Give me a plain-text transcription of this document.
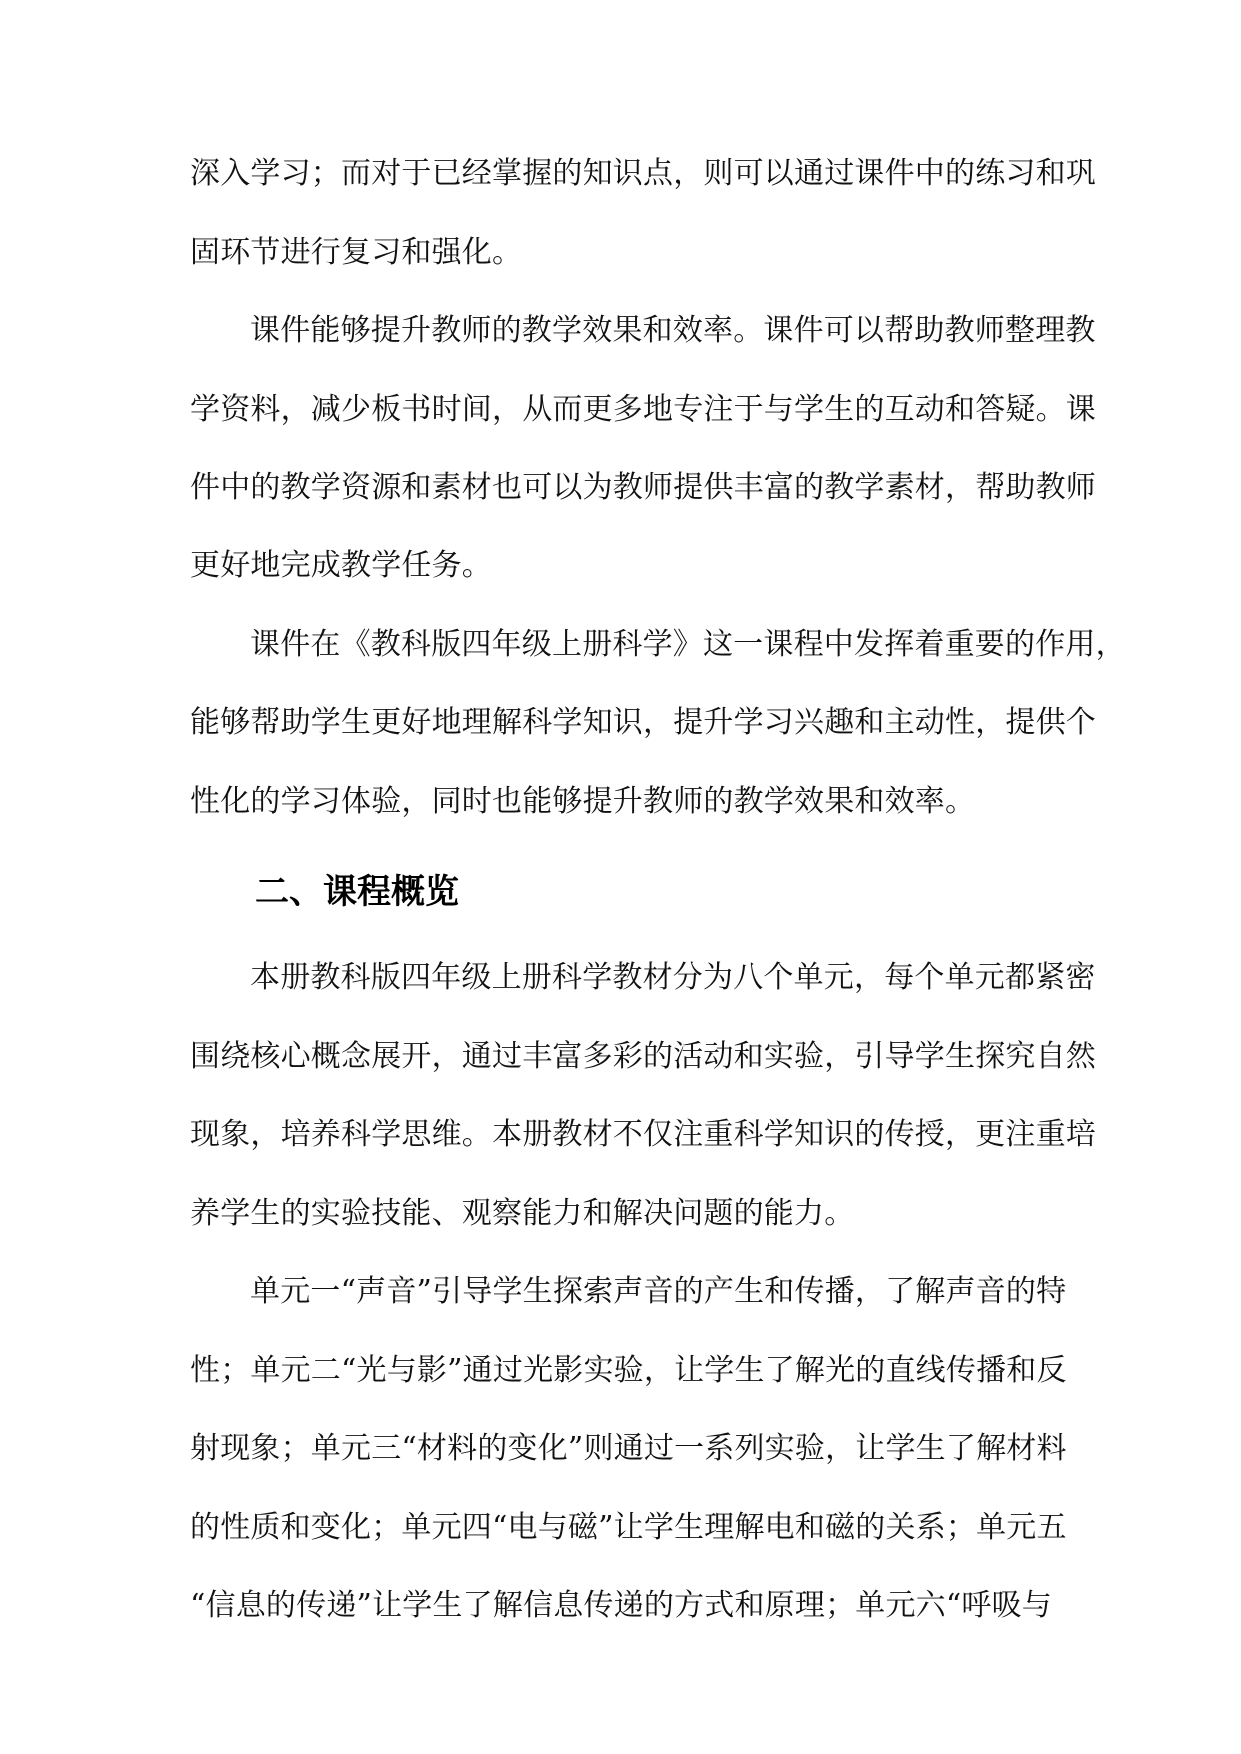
深入学习；而对于已经掌握的知识点，则可以通过课件中的练习和巩
固环节进行复习和强化。
课件能够提升教师的教学效果和效率。课件可以帮助教师整理教
学资料，减少板书时间，从而更多地专注于与学生的互动和答疑。课
件中的教学资源和素材也可以为教师提供丰富的教学素材，帮助教师
更好地完成教学任务。
课件在《教科版四年级上册科学》这一课程中发挥着重要的作用，
能够帮助学生更好地理解科学知识，提升学习兴趣和主动性，提供个
性化的学习体验，同时也能够提升教师的教学效果和效率。
二、课程概览
本册教科版四年级上册科学教材分为八个单元，每个单元都紧密
围绕核心概念展开，通过丰富多彩的活动和实验，引导学生探究自然
现象，培养科学思维。本册教材不仅注重科学知识的传授，更注重培
养学生的实验技能、观察能力和解决问题的能力。
单元一“声音”引导学生探索声音的产生和传播，了解声音的特
性；单元二“光与影”通过光影实验，让学生了解光的直线传播和反
射现象；单元三“材料的变化”则通过一系列实验，让学生了解材料
的性质和变化；单元四“电与磁”让学生理解电和磁的关系；单元五
“信息的传递”让学生了解信息传递的方式和原理；单元六“呼吸与
